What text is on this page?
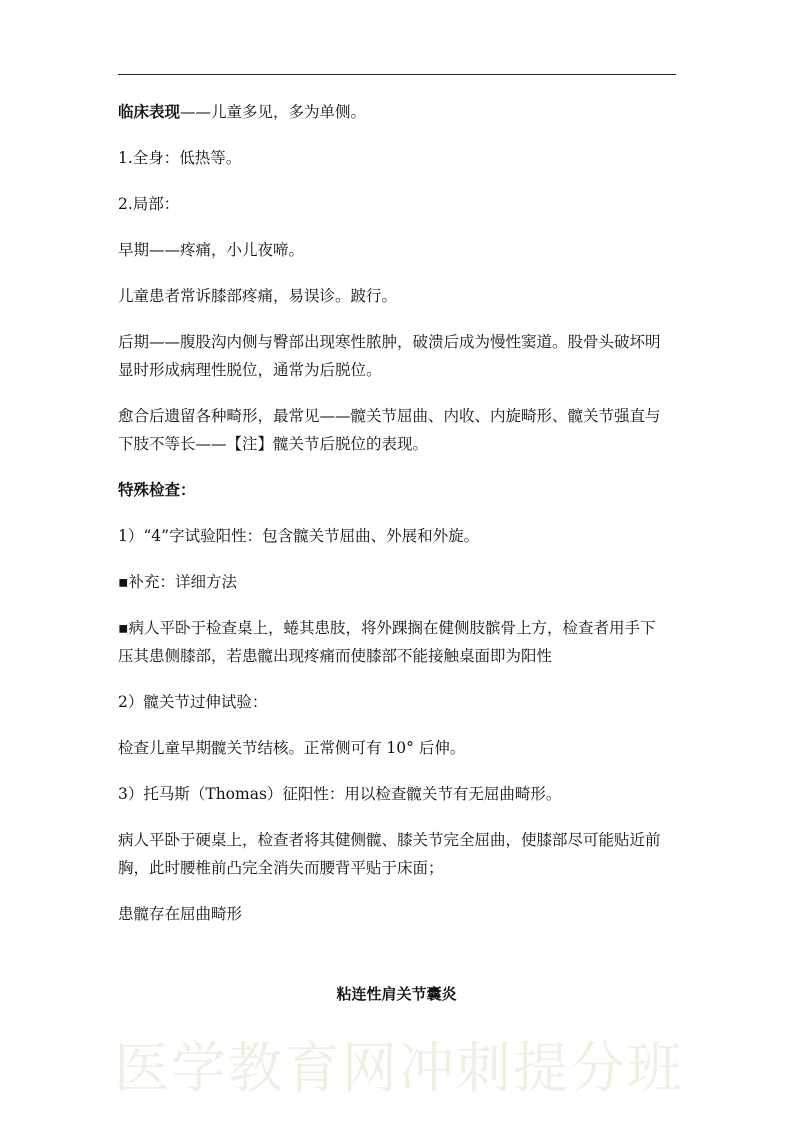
临床表现——儿童多见，多为单侧。
1.全身：低热等。
2.局部：
早期——疼痛，小儿夜啼。
儿童患者常诉膝部疼痛，易误诊。跛行。
后期——腹股沟内侧与臀部出现寒性脓肿，破溃后成为慢性窦道。股骨头破坏明
显时形成病理性脱位，通常为后脱位。
愈合后遗留各种畸形，最常见——髋关节屈曲、内收、内旋畸形、髋关节强直与
下肢不等长——【注】髋关节后脱位的表现。
特殊检查：
1）“4”字试验阳性：包含髋关节屈曲、外展和外旋。
▪补充：详细方法
▪病人平卧于检查桌上，蜷其患肢，将外踝搁在健侧肢髌骨上方，检查者用手下
压其患侧膝部，若患髋出现疼痛而使膝部不能接触桌面即为阳性
2）髋关节过伸试验：
检查儿童早期髋关节结核。正常侧可有 10° 后伸。
3）托马斯（Thomas）征阳性：用以检查髋关节有无屈曲畸形。
病人平卧于硬桌上，检查者将其健侧髋、膝关节完全屈曲，使膝部尽可能贴近前
胸，此时腰椎前凸完全消失而腰背平贴于床面；
患髋存在屈曲畸形
粘连性肩关节囊炎
医学教育网冲刺提分班
